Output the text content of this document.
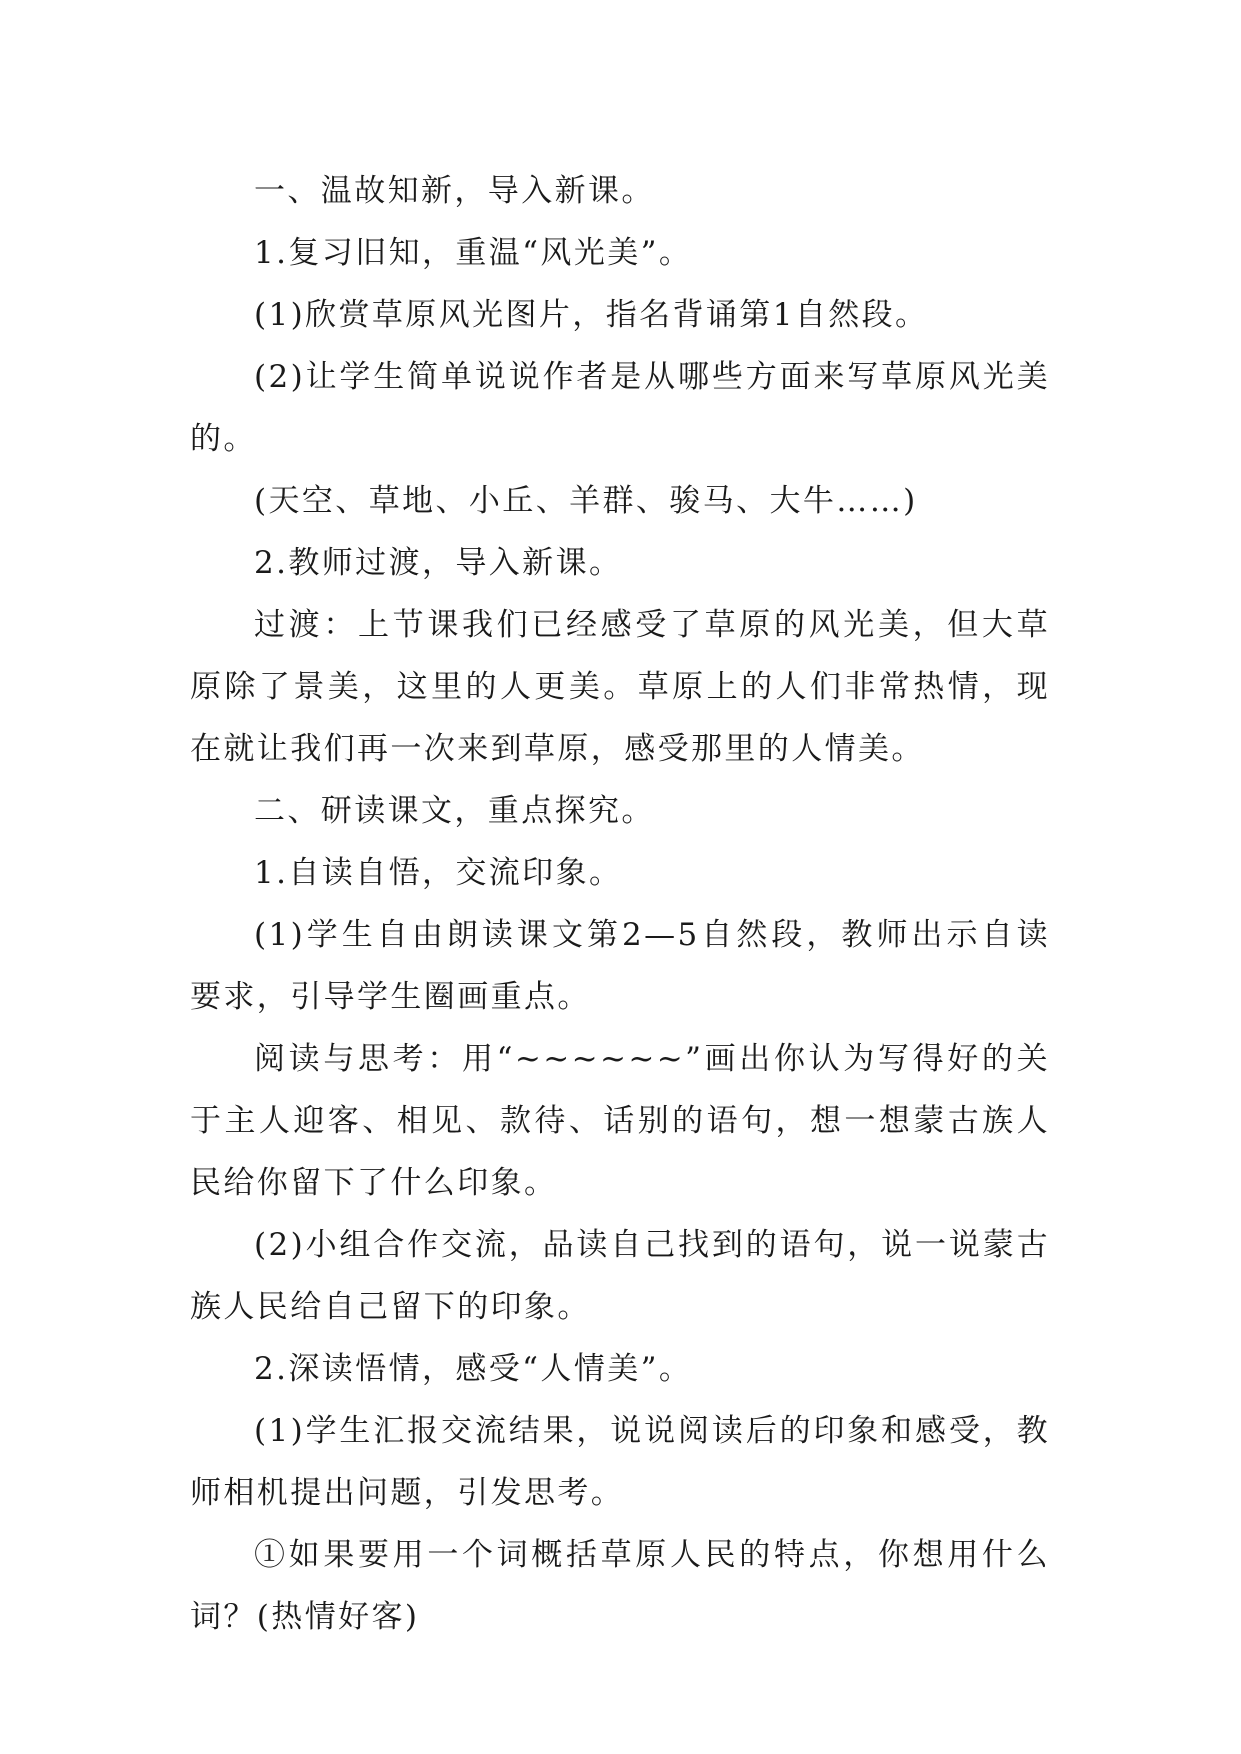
一、温故知新，导入新课。

1.复习旧知，重温“风光美”。

(1)欣赏草原风光图片，指名背诵第1自然段。

(2)让学生简单说说作者是从哪些方面来写草原风光美的。

(天空、草地、小丘、羊群、骏马、大牛……)

2.教师过渡，导入新课。

过渡：上节课我们已经感受了草原的风光美，但大草原除了景美，这里的人更美。草原上的人们非常热情，现在就让我们再一次来到草原，感受那里的人情美。

二、研读课文，重点探究。

1.自读自悟，交流印象。

(1)学生自由朗读课文第2—5自然段，教师出示自读要求，引导学生圈画重点。

阅读与思考：用“~~~~~~”画出你认为写得好的关于主人迎客、相见、款待、话别的语句，想一想蒙古族人民给你留下了什么印象。

(2)小组合作交流，品读自己找到的语句，说一说蒙古族人民给自己留下的印象。

2.深读悟情，感受“人情美”。

(1)学生汇报交流结果，说说阅读后的印象和感受，教师相机提出问题，引发思考。

①如果要用一个词概括草原人民的特点，你想用什么词？(热情好客)
